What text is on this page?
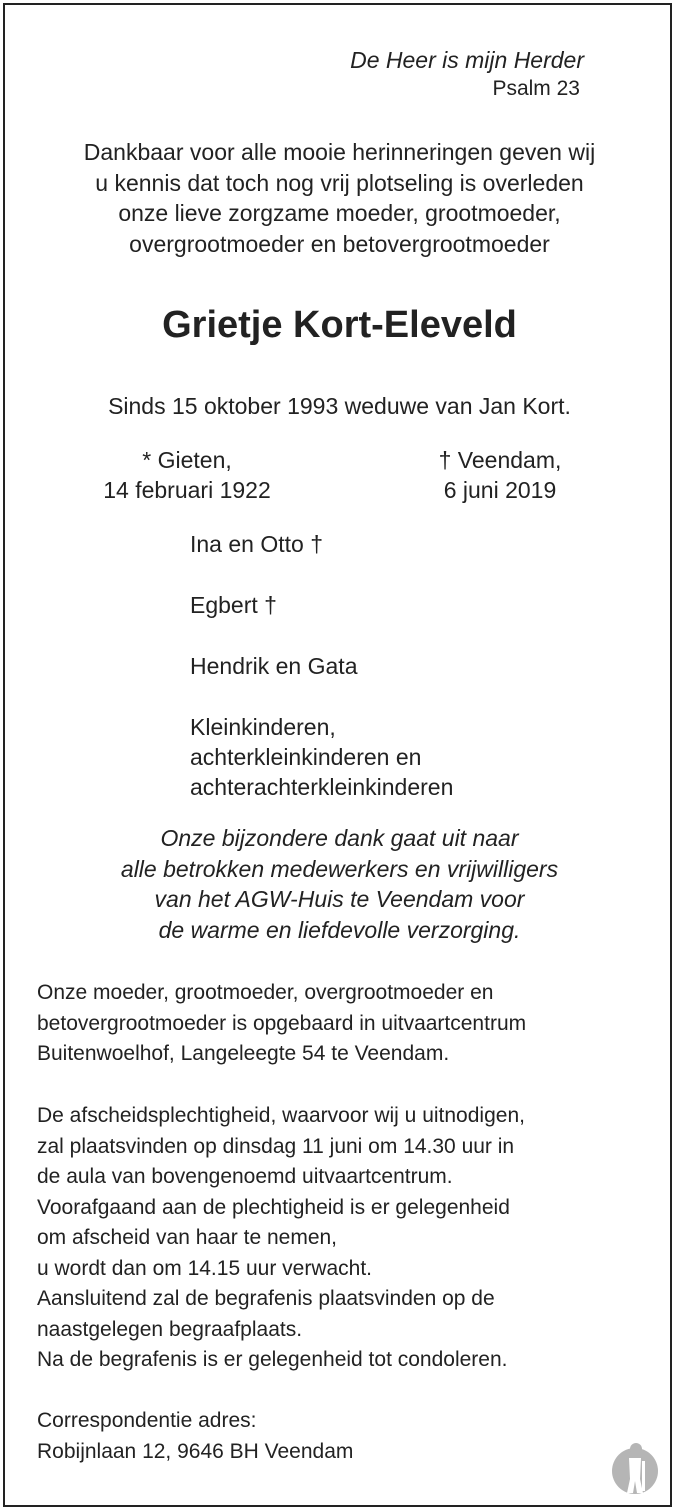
De Heer is mijn Herder
Psalm 23
Dankbaar voor alle mooie herinneringen geven wij
u kennis dat toch nog vrij plotseling is overleden
onze lieve zorgzame moeder, grootmoeder,
overgrootmoeder en betovergrootmoeder
Grietje Kort-Eleveld
Sinds 15 oktober 1993 weduwe van Jan Kort.
* Gieten,
14 februari 1922
† Veendam,
6 juni 2019
Ina en Otto †
Egbert †
Hendrik en Gata
Kleinkinderen,
achterkleinkinderen en
achterachterkleinkinderen
Onze bijzondere dank gaat uit naar
alle betrokken medewerkers en vrijwilligers
van het AGW-Huis te Veendam voor
de warme en liefdevolle verzorging.
Onze moeder, grootmoeder, overgrootmoeder en
betovergrootmoeder is opgebaard in uitvaartcentrum
Buitenwoelhof, Langeleegte 54 te Veendam.
De afscheidsplechtigheid, waarvoor wij u uitnodigen,
zal plaatsvinden op dinsdag 11 juni om 14.30 uur in
de aula van bovengenoemd uitvaartcentrum.
Voorafgaand aan de plechtigheid is er gelegenheid
om afscheid van haar te nemen,
u wordt dan om 14.15 uur verwacht.
Aansluitend zal de begrafenis plaatsvinden op de
naastgelegen begraafplaats.
Na de begrafenis is er gelegenheid tot condoleren.
Correspondentie adres:
Robijnlaan 12, 9646 BH Veendam
